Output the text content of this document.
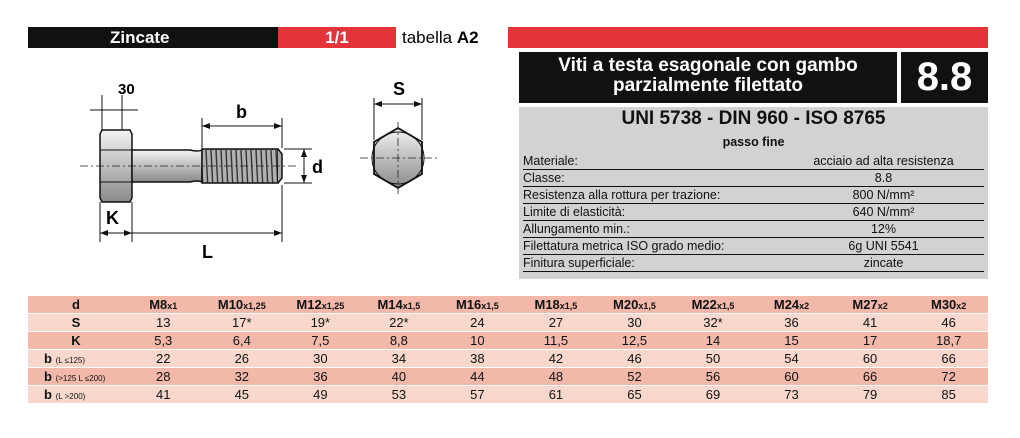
Zincate	1/1	tabella A2
Viti a testa esagonale con gambo
parzialmente filettato	8.8
30
b
d
K
L
S
UNI 5738 - DIN 960 - ISO 8765
passo fine
Materiale:	acciaio ad alta resistenza
Classe:	8.8
Resistenza alla rottura per trazione:	800 N/mm²
Limite di elasticità:	640 N/mm²
Allungamento min.:	12%
Filettatura metrica ISO grado medio:	6g UNI 5541
Finitura superficiale:	zincate
d	M8x1	M10x1,25	M12x1,25	M14x1,5	M16x1,5	M18x1,5	M20x1,5	M22x1,5	M24x2	M27x2	M30x2
S	13	17*	19*	22*	24	27	30	32*	36	41	46
K	5,3	6,4	7,5	8,8	10	11,5	12,5	14	15	17	18,7
b (L ≤125)	22	26	30	34	38	42	46	50	54	60	66
b (>125 L ≤200)	28	32	36	40	44	48	52	56	60	66	72
b (L >200)	41	45	49	53	57	61	65	69	73	79	85
